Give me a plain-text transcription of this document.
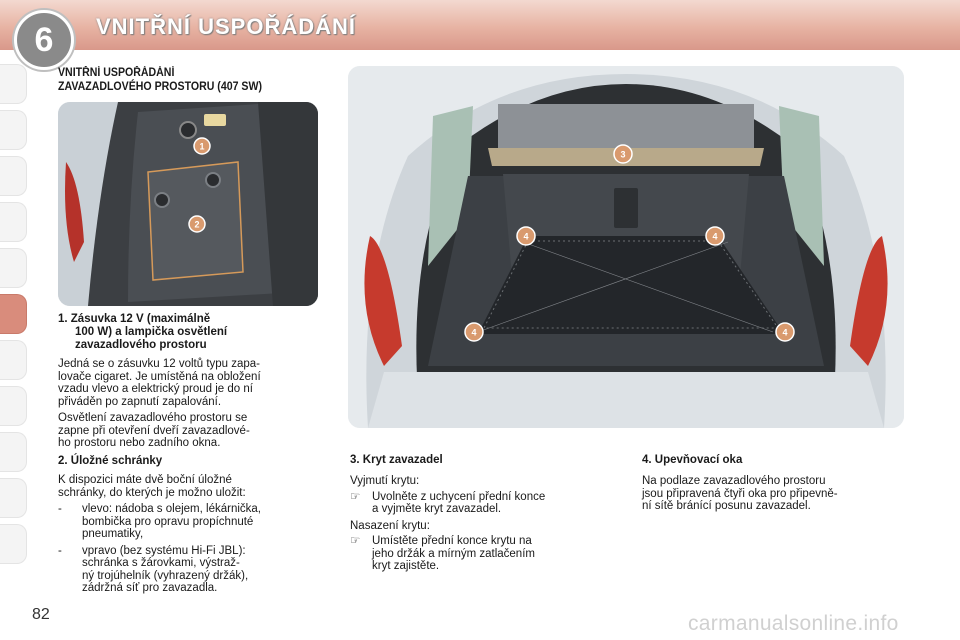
6 VNITŘNÍ USPOŘÁDÁNÍ
VNITŘNÍ USPOŘÁDÁNÍ
ZAVAZADLOVÉHO PROSTORU (407 SW)
1
2
3
4	4
4	4
1. Zásuvka 12 V (maximálně
100 W) a lampička osvětlení
zavazadlového prostoru
Jedná se o zásuvku 12 voltů typu zapa-
lovače cigaret. Je umístěná na obložení
vzadu vlevo a elektrický proud je do ní
přiváděn po zapnutí zapalování.
Osvětlení zavazadlového prostoru se
zapne při otevření dveří zavazadlové-
ho prostoru nebo zadního okna.
2. Úložné schránky
K dispozici máte dvě boční úložné
schránky, do kterých je možno uložit:
-	vlevo: nádoba s olejem, lékárnička,
bombička pro opravu propíchnuté
pneumatiky,
-	vpravo (bez systému Hi-Fi JBL):
schránka s žárovkami, výstraž-
ný trojúhelník (vyhrazený držák),
zádržná síť pro zavazadla.
3. Kryt zavazadel
Vyjmutí krytu:
☞	Uvolněte z uchycení přední konce
a vyjměte kryt zavazadel.
Nasazení krytu:
☞	Umístěte přední konce krytu na
jeho držák a mírným zatlačením
kryt zajistěte.
4. Upevňovací oka
Na podlaze zavazadlového prostoru
jsou připravená čtyři oka pro připevně-
ní sítě bránící posunu zavazadel.
82	carmanualsonline.info
